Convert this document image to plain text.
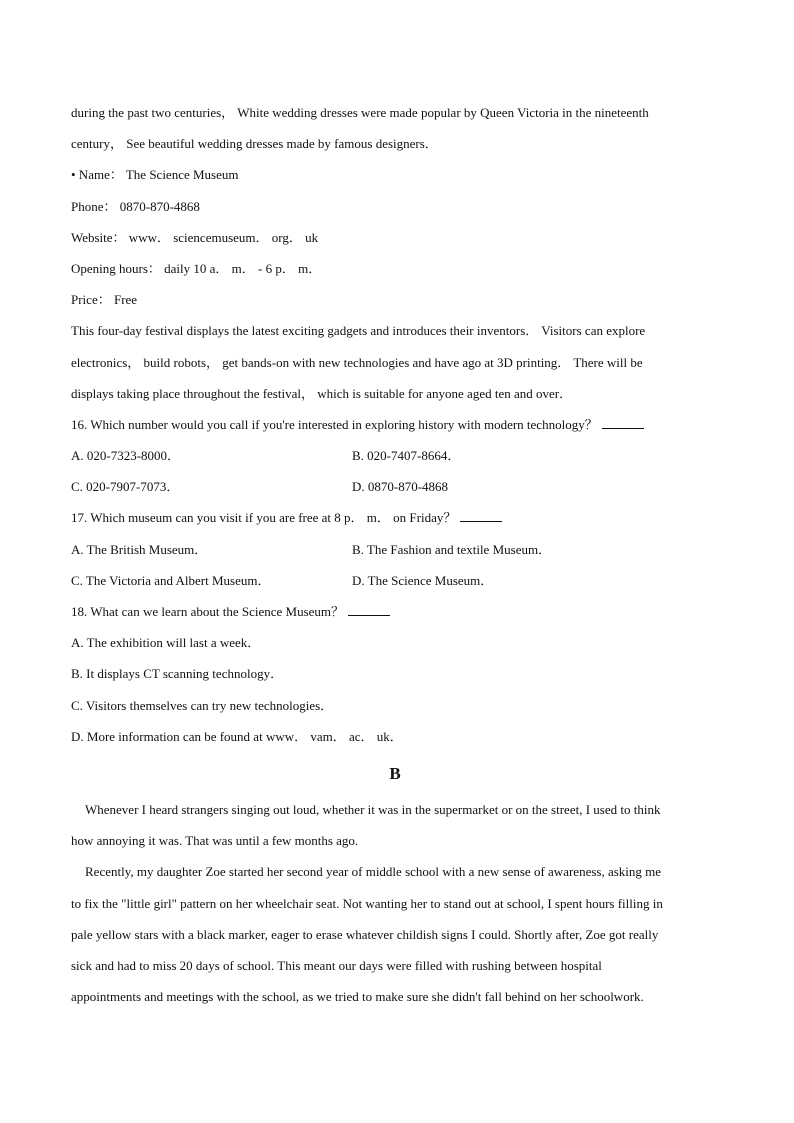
during the past two centuries， White wedding dresses were made popular by Queen Victoria in the nineteenth
century， See beautiful wedding dresses made by famous designers．
• Name： The Science Museum
Phone： 0870-870-4868
Website： www． sciencemuseum． org． uk
Opening hours： daily 10 a． m． - 6 p． m．
Price： Free
This four-day festival displays the latest exciting gadgets and introduces their inventors． Visitors can explore
electronics， build robots， get bands-on with new technologies and have ago at 3D printing． There will be
displays taking place throughout the festival， which is suitable for anyone aged ten and over．
16. Which number would you call if you're interested in exploring history with modern technology？
A. 020-7323-8000．	B. 020-7407-8664．
C. 020-7907-7073．	D. 0870-870-4868
17. Which museum can you visit if you are free at 8 p． m． on Friday？
A. The British Museum．	B. The Fashion and textile Museum．
C. The Victoria and Albert Museum．	D. The Science Museum．
18. What can we learn about the Science Museum？
A. The exhibition will last a week．
B. It displays CT scanning technology．
C. Visitors themselves can try new technologies．
D. More information can be found at www． vam． ac． uk．
B
Whenever I heard strangers singing out loud, whether it was in the supermarket or on the street, I used to think
how annoying it was. That was until a few months ago.
Recently, my daughter Zoe started her second year of middle school with a new sense of awareness, asking me
to fix the "little girl" pattern on her wheelchair seat. Not wanting her to stand out at school, I spent hours filling in
pale yellow stars with a black marker, eager to erase whatever childish signs I could. Shortly after, Zoe got really
sick and had to miss 20 days of school. This meant our days were filled with rushing between hospital
appointments and meetings with the school, as we tried to make sure she didn't fall behind on her schoolwork.
